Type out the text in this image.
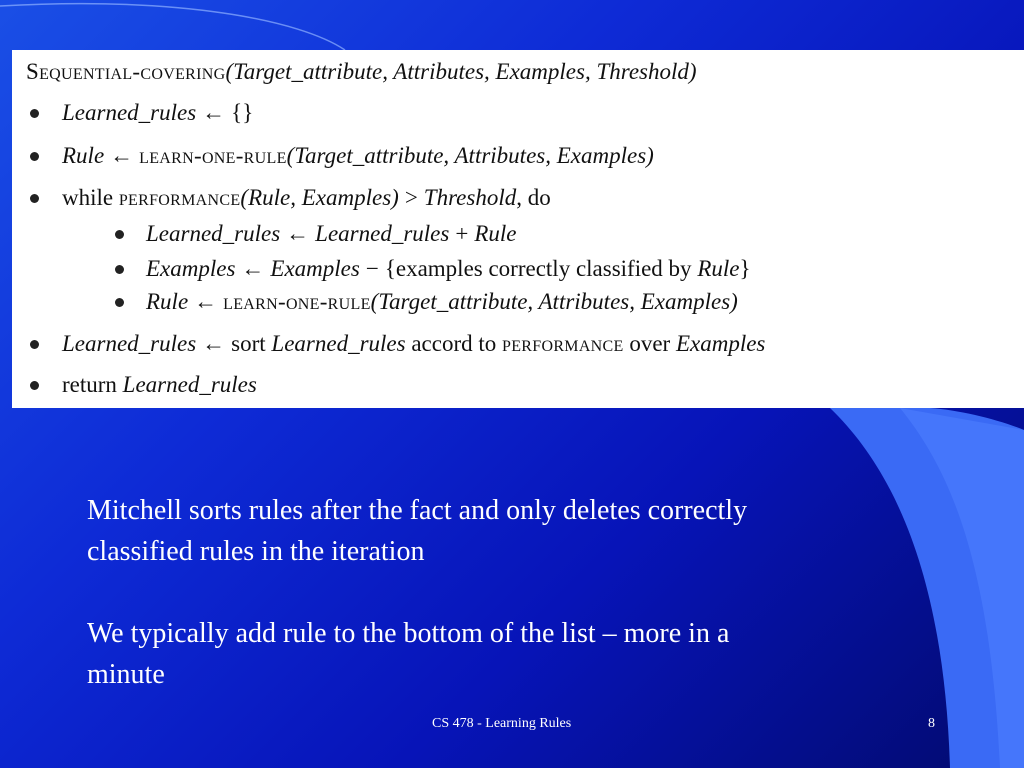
Sequential-covering(Target_attribute, Attributes, Examples, Threshold)
Learned_rules ← {}
Rule ← learn-one-rule(Target_attribute, Attributes, Examples)
while performance(Rule, Examples) > Threshold, do
Learned_rules ← Learned_rules + Rule
Examples ← Examples − {examples correctly classified by Rule}
Rule ← learn-one-rule(Target_attribute, Attributes, Examples)
Learned_rules ← sort Learned_rules accord to performance over Examples
return Learned_rules
Mitchell sorts rules after the fact and only deletes correctly
classified rules in the iteration
We typically add rule to the bottom of the list – more in a
minute
CS 478 - Learning Rules	8
